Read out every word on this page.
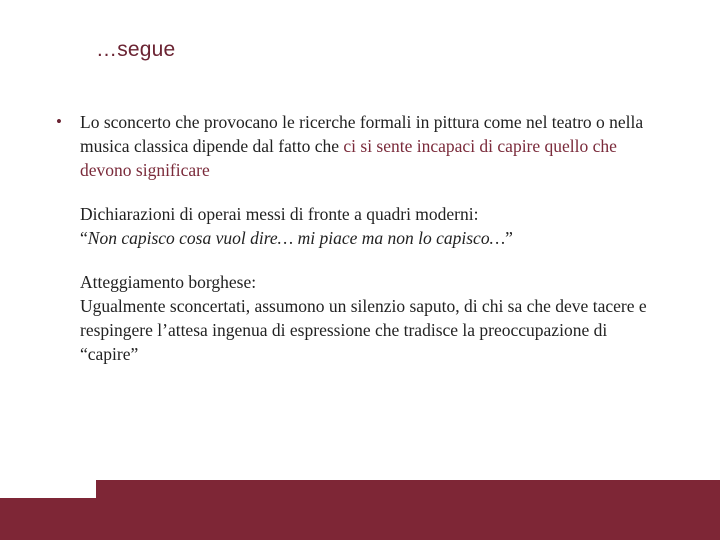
…segue
•	Lo sconcerto che provocano le ricerche formali in pittura come nel teatro o nella musica classica dipende dal fatto che ci si sente incapaci di capire quello che devono significare
Dichiarazioni di operai messi di fronte a quadri moderni:
“Non capisco cosa vuol dire… mi piace ma non lo capisco…”
Atteggiamento borghese:
Ugualmente sconcertati, assumono un silenzio saputo, di chi sa che deve tacere e respingere l’attesa ingenua di espressione che tradisce la preoccupazione di “capire”
